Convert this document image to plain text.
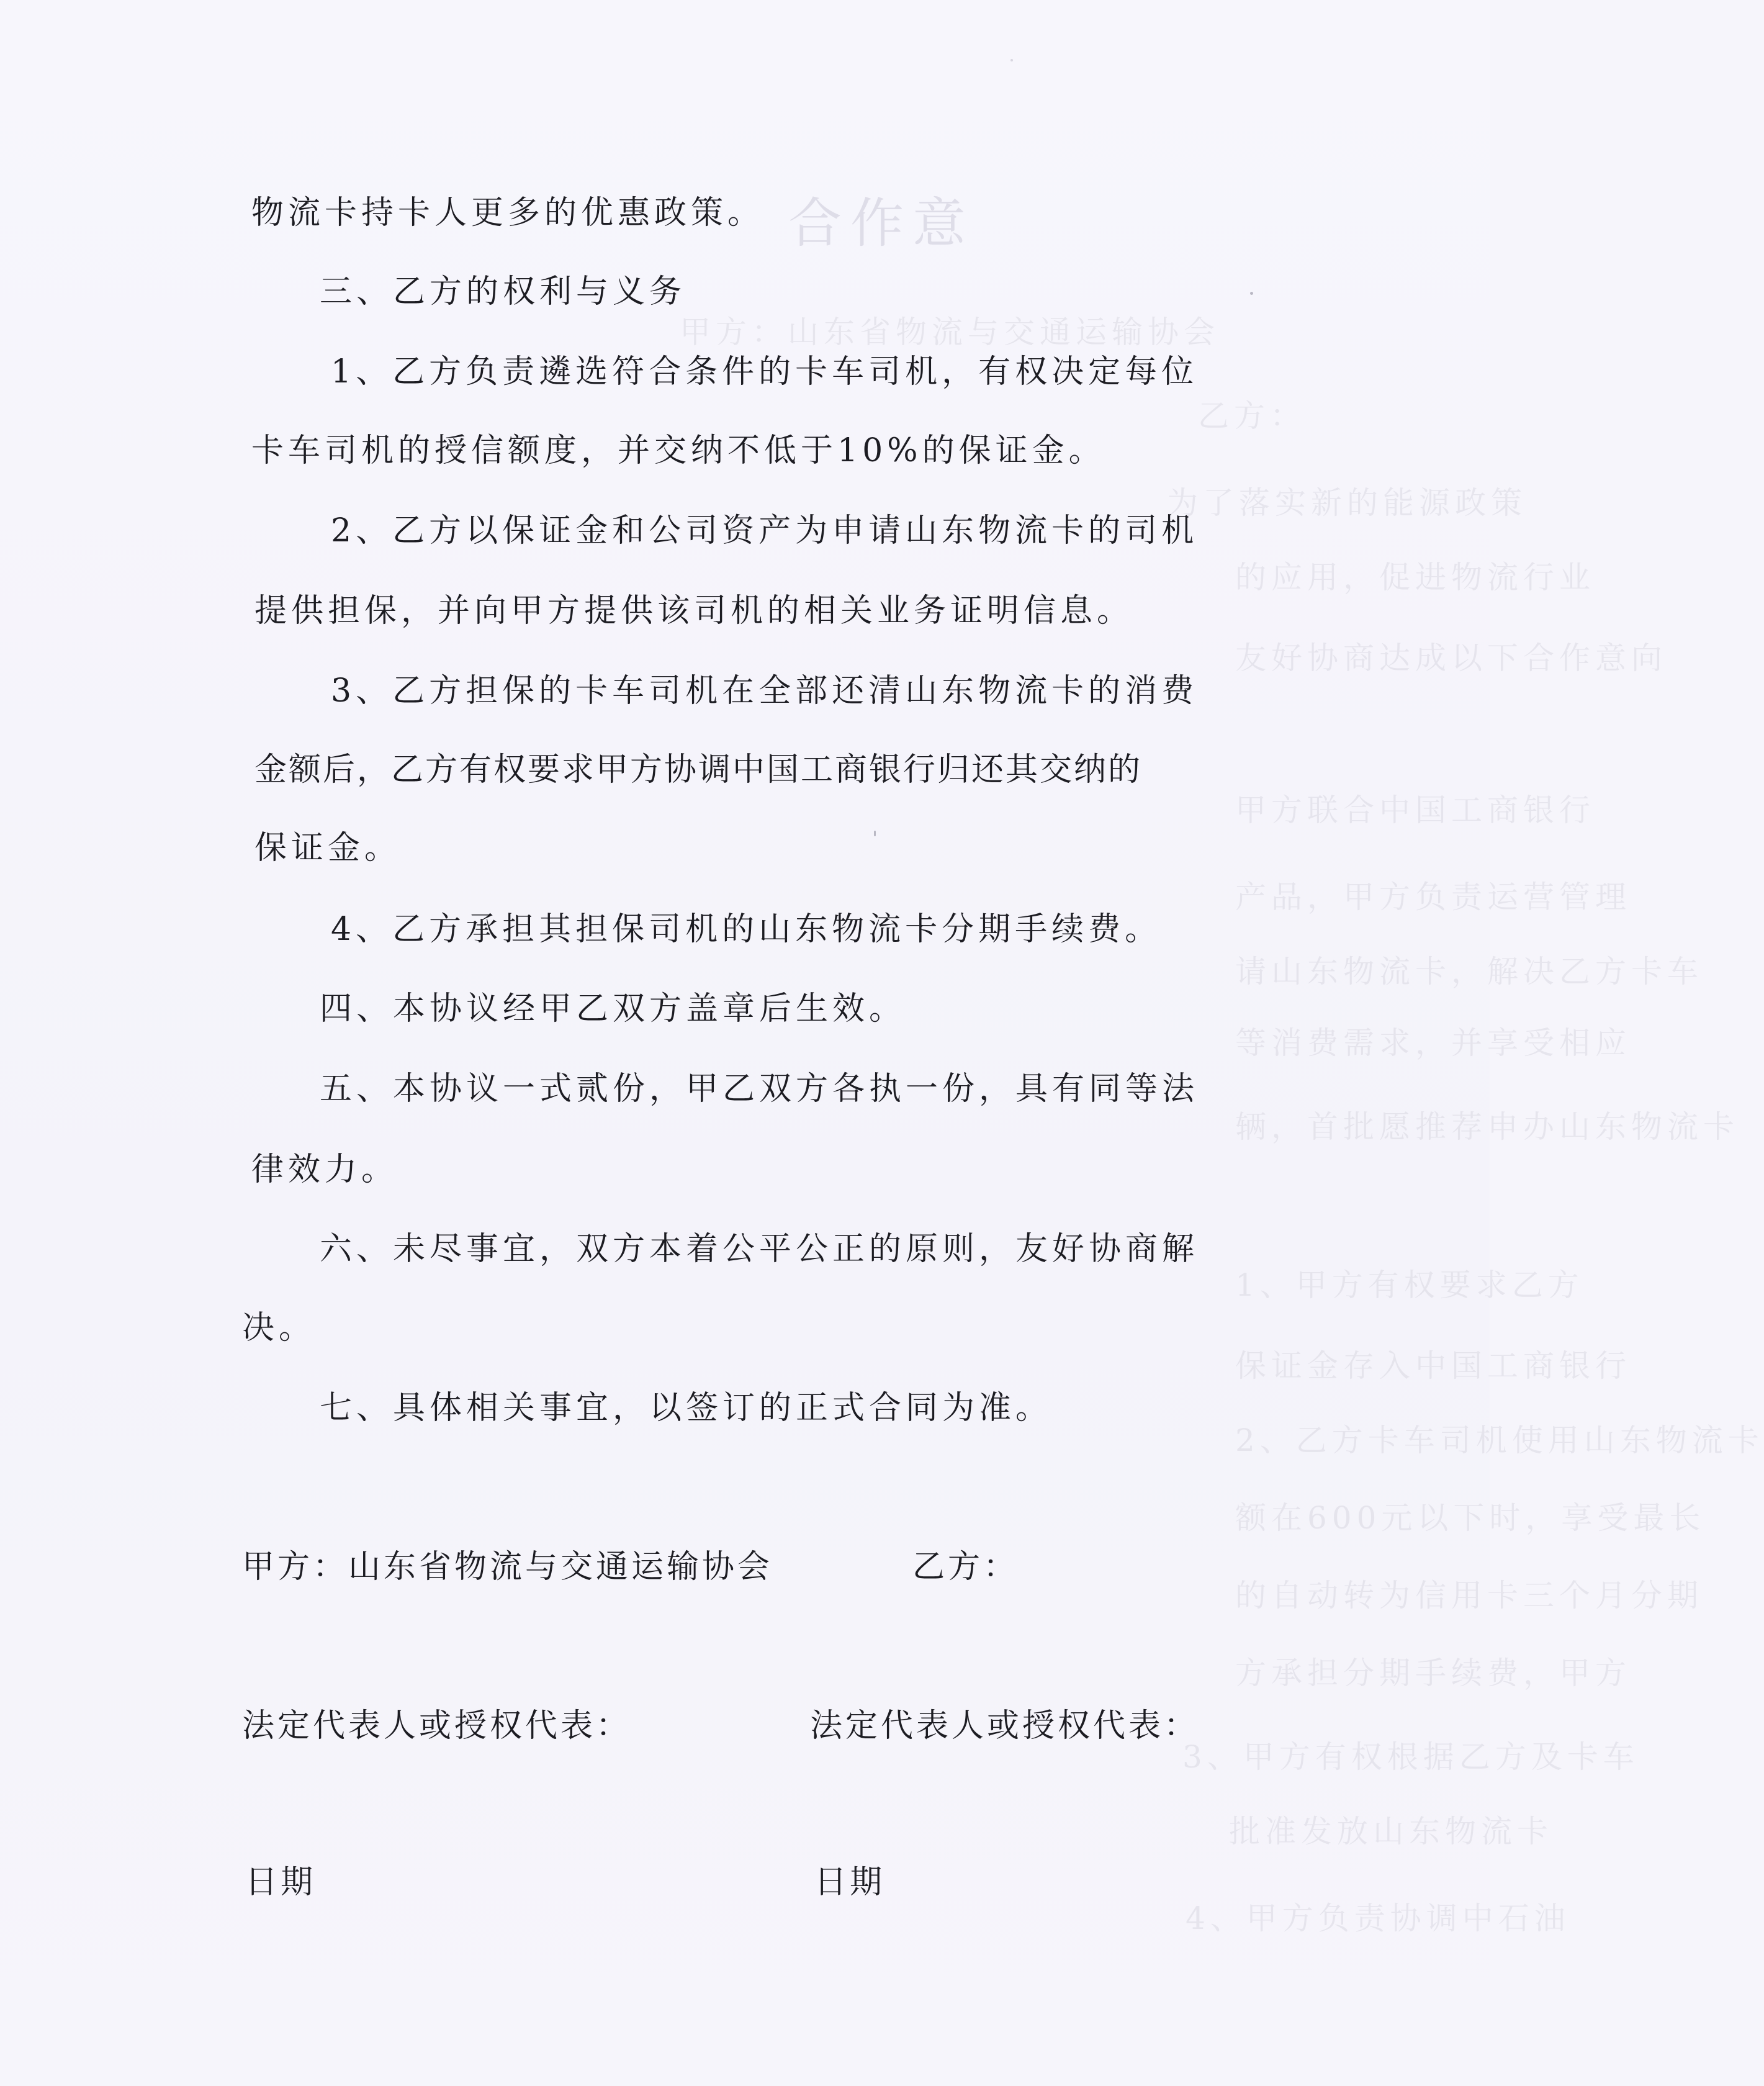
合作意
甲方：山东省物流与交通运输协会
乙方：
为了落实新的能源政策
的应用，促进物流行业
友好协商达成以下合作意向
甲方联合中国工商银行
产品，甲方负责运营管理
请山东物流卡，解决乙方卡车
等消费需求，并享受相应
辆，首批愿推荐申办山东物流卡
1、甲方有权要求乙方
保证金存入中国工商银行
2、乙方卡车司机使用山东物流卡
额在600元以下时，享受最长
的自动转为信用卡三个月分期
方承担分期手续费，甲方
3、甲方有权根据乙方及卡车
批准发放山东物流卡
4、甲方负责协调中石油
物流卡持卡人更多的优惠政策。
三、乙方的权利与义务
1、乙方负责遴选符合条件的卡车司机，有权决定每位
卡车司机的授信额度，并交纳不低于10%的保证金。
2、乙方以保证金和公司资产为申请山东物流卡的司机
提供担保，并向甲方提供该司机的相关业务证明信息。
3、乙方担保的卡车司机在全部还清山东物流卡的消费
金额后，乙方有权要求甲方协调中国工商银行归还其交纳的
保证金。
4、乙方承担其担保司机的山东物流卡分期手续费。
四、本协议经甲乙双方盖章后生效。
五、本协议一式贰份，甲乙双方各执一份，具有同等法
律效力。
六、未尽事宜，双方本着公平公正的原则，友好协商解
决。
七、具体相关事宜，以签订的正式合同为准。
甲方：山东省物流与交通运输协会	乙方：
法定代表人或授权代表：	法定代表人或授权代表：
日期	日期
